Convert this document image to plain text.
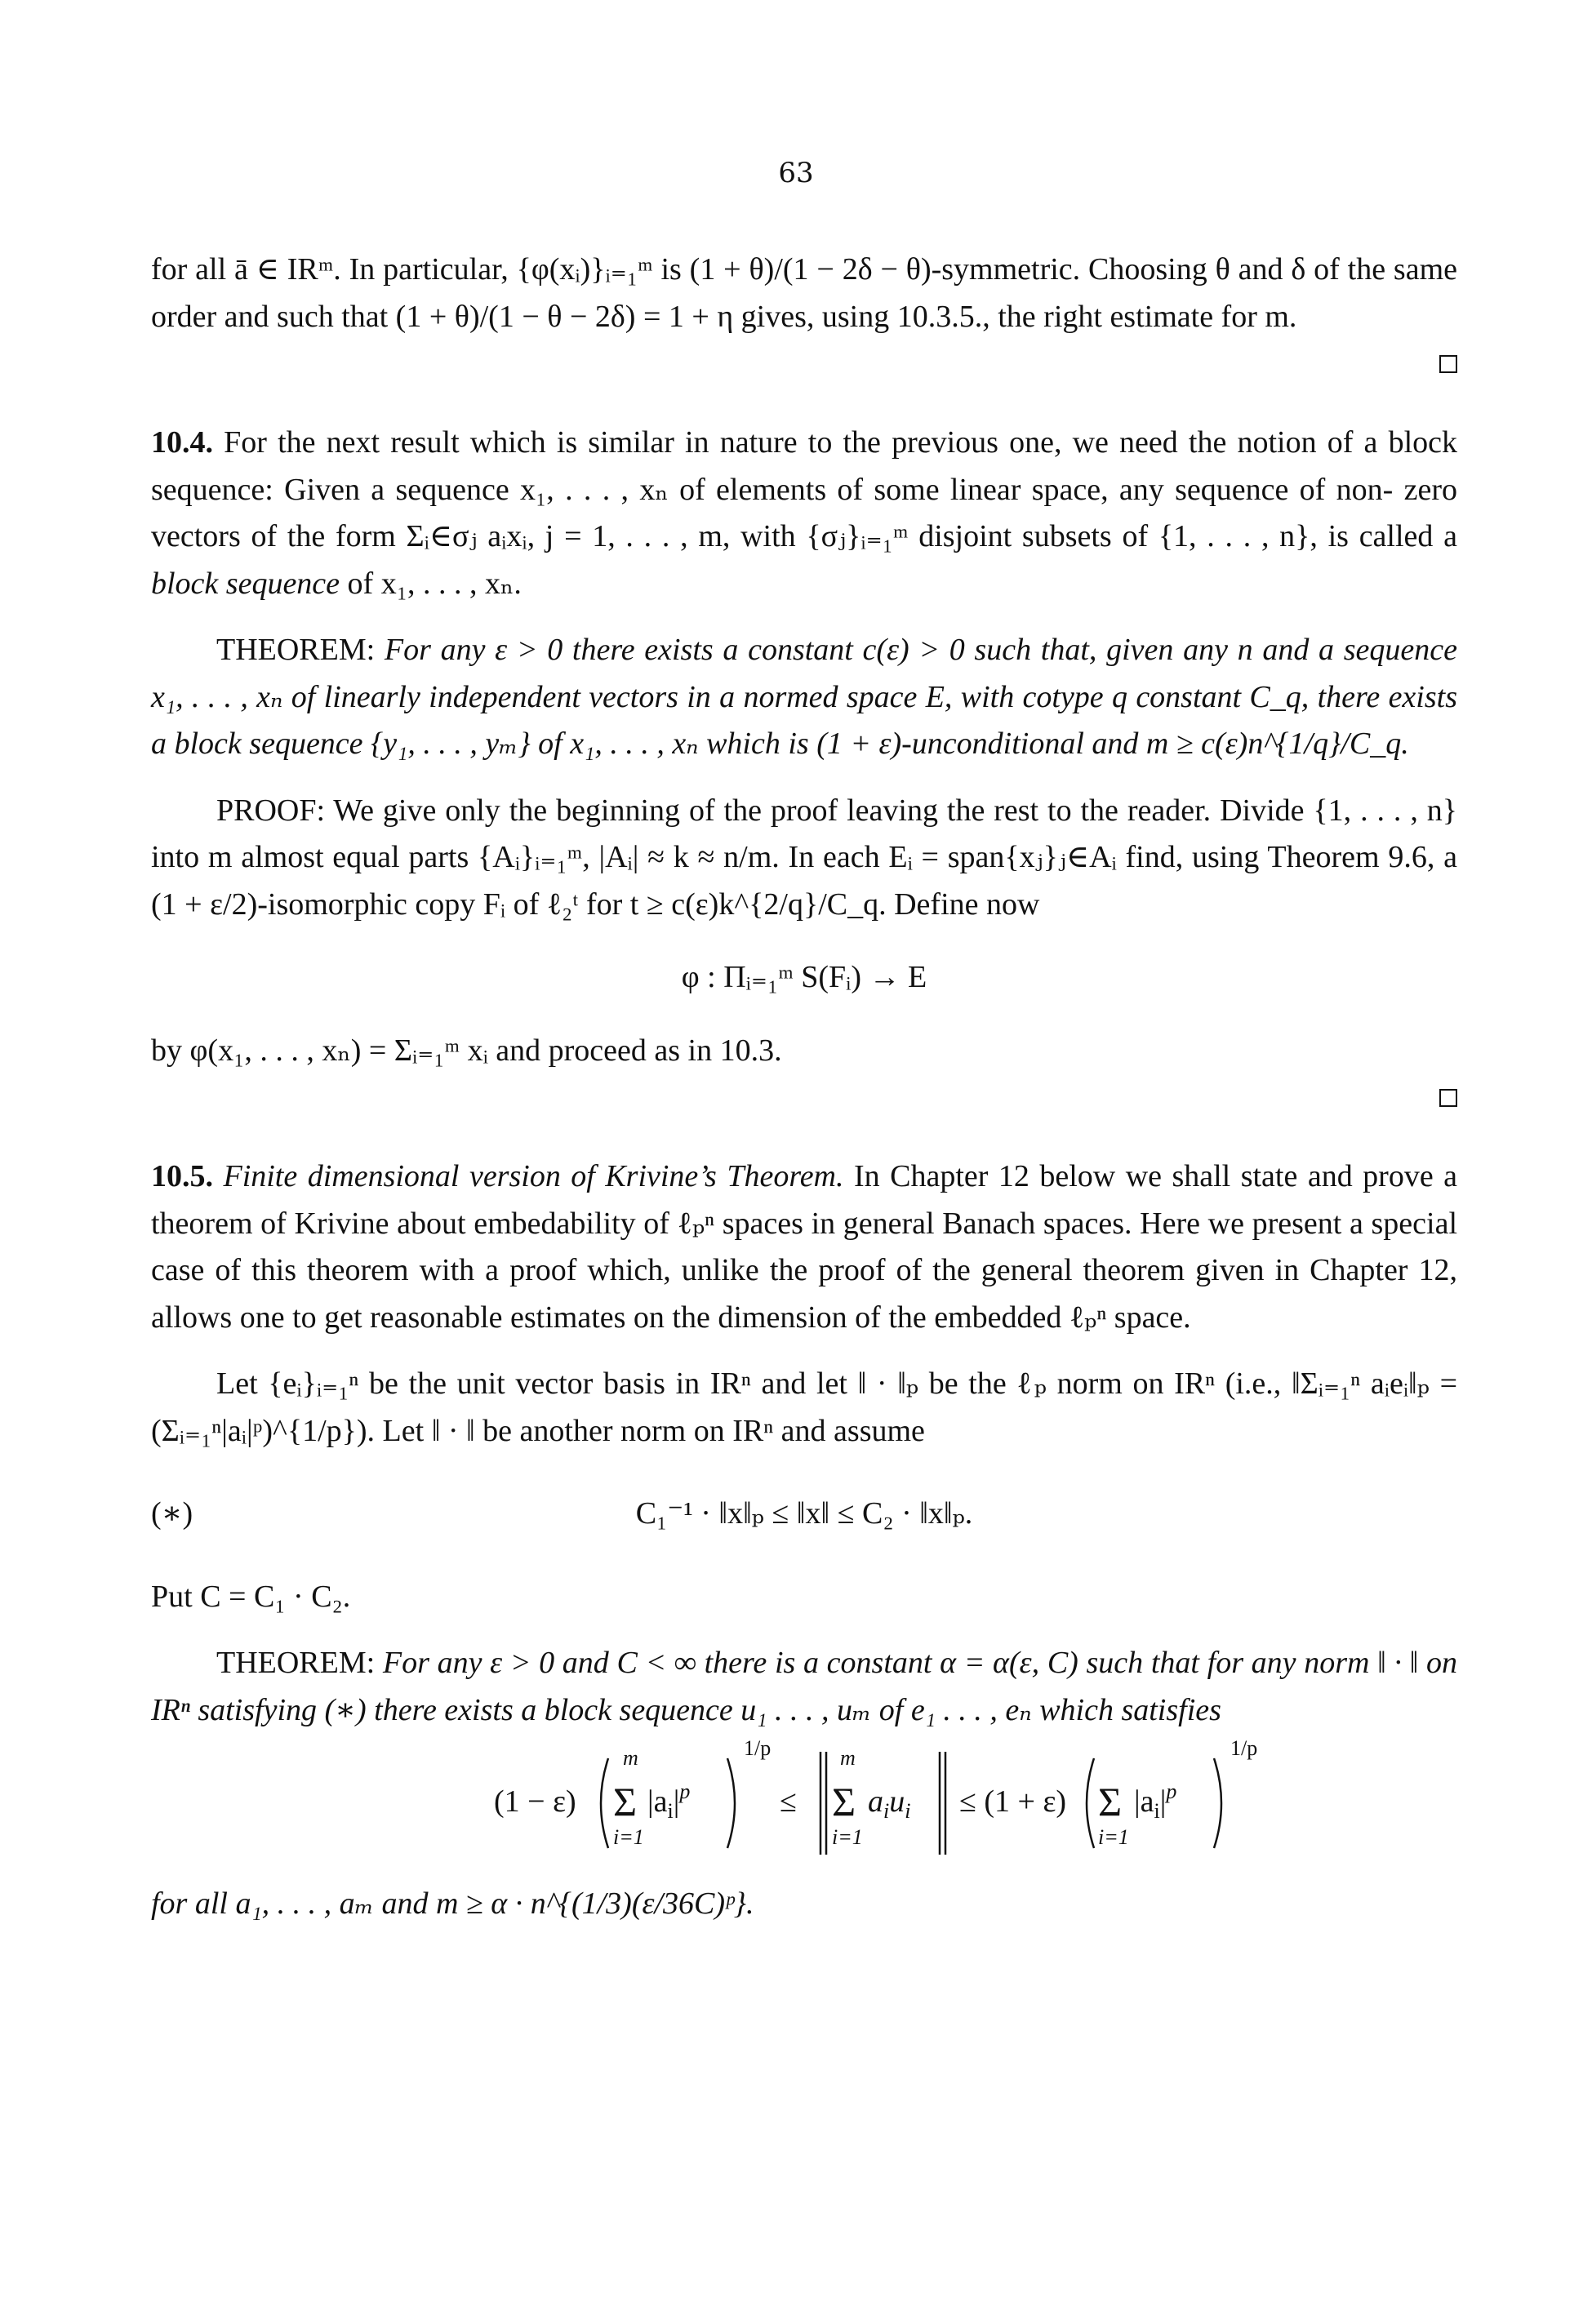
63

for all ā ∈ IRᵐ. In particular, {φ(xᵢ)}ᵢ₌₁ᵐ is (1 + θ)/(1 − 2δ − θ)-symmetric. Choosing θ and δ of the same order and such that (1 + θ)/(1 − θ − 2δ) = 1 + η gives, using 10.3.5., the right estimate for m.

10.4. For the next result which is similar in nature to the previous one, we need the notion of a block sequence: Given a sequence x₁, . . . , xₙ of elements of some linear space, any sequence of non- zero vectors of the form Σᵢ∈σⱼ aᵢxᵢ, j = 1, . . . , m, with {σⱼ}ᵢ₌₁ᵐ disjoint subsets of {1, . . . , n}, is called a block sequence of x₁, . . . , xₙ.

THEOREM: For any ε > 0 there exists a constant c(ε) > 0 such that, given any n and a sequence x₁, . . . , xₙ of linearly independent vectors in a normed space E, with cotype q constant C_q, there exists a block sequence {y₁, . . . , yₘ} of x₁, . . . , xₙ which is (1 + ε)-unconditional and m ≥ c(ε)n^{1/q}/C_q.

PROOF: We give only the beginning of the proof leaving the rest to the reader. Divide {1, . . . , n} into m almost equal parts {Aᵢ}ᵢ₌₁ᵐ, |Aᵢ| ≈ k ≈ n/m. In each Eᵢ = span{xⱼ}ⱼ∈Aᵢ find, using Theorem 9.6, a (1 + ε/2)-isomorphic copy Fᵢ of ℓ₂ᵗ for t ≥ c(ε)k^{2/q}/C_q. Define now

φ : Πᵢ₌₁ᵐ S(Fᵢ) → E

by φ(x₁, . . . , xₙ) = Σᵢ₌₁ᵐ xᵢ and proceed as in 10.3.

10.5. Finite dimensional version of Krivine’s Theorem. In Chapter 12 below we shall state and prove a theorem of Krivine about embedability of ℓₚⁿ spaces in general Banach spaces. Here we present a special case of this theorem with a proof which, unlike the proof of the general theorem given in Chapter 12, allows one to get reasonable estimates on the dimension of the embedded ℓₚⁿ space.

Let {eᵢ}ᵢ₌₁ⁿ be the unit vector basis in IRⁿ and let ‖ · ‖ₚ be the ℓₚ norm on IRⁿ (i.e., ‖Σᵢ₌₁ⁿ aᵢeᵢ‖ₚ = (Σᵢ₌₁ⁿ|aᵢ|ᵖ)^{1/p}). Let ‖ · ‖ be another norm on IRⁿ and assume

(∗)	C₁⁻¹ · ‖x‖ₚ ≤ ‖x‖ ≤ C₂ · ‖x‖ₚ.

Put C = C₁ · C₂.

THEOREM: For any ε > 0 and C < ∞ there is a constant α = α(ε, C) such that for any norm ‖ · ‖ on IRⁿ satisfying (∗) there exists a block sequence u₁ . . . , uₘ of e₁ . . . , eₙ which satisfies

(1 − ε)
m
Σ
i=1
$|a_i|^p$
1/p
≤
m
Σ
i=1
$a_iu_i \le (1 + \varepsilon)$ Σ
i=1
$|a_i|^p$
1/p

for all a₁, . . . , aₘ and m ≥ α · n^{(1/3)(ε/36C)ᵖ}.
